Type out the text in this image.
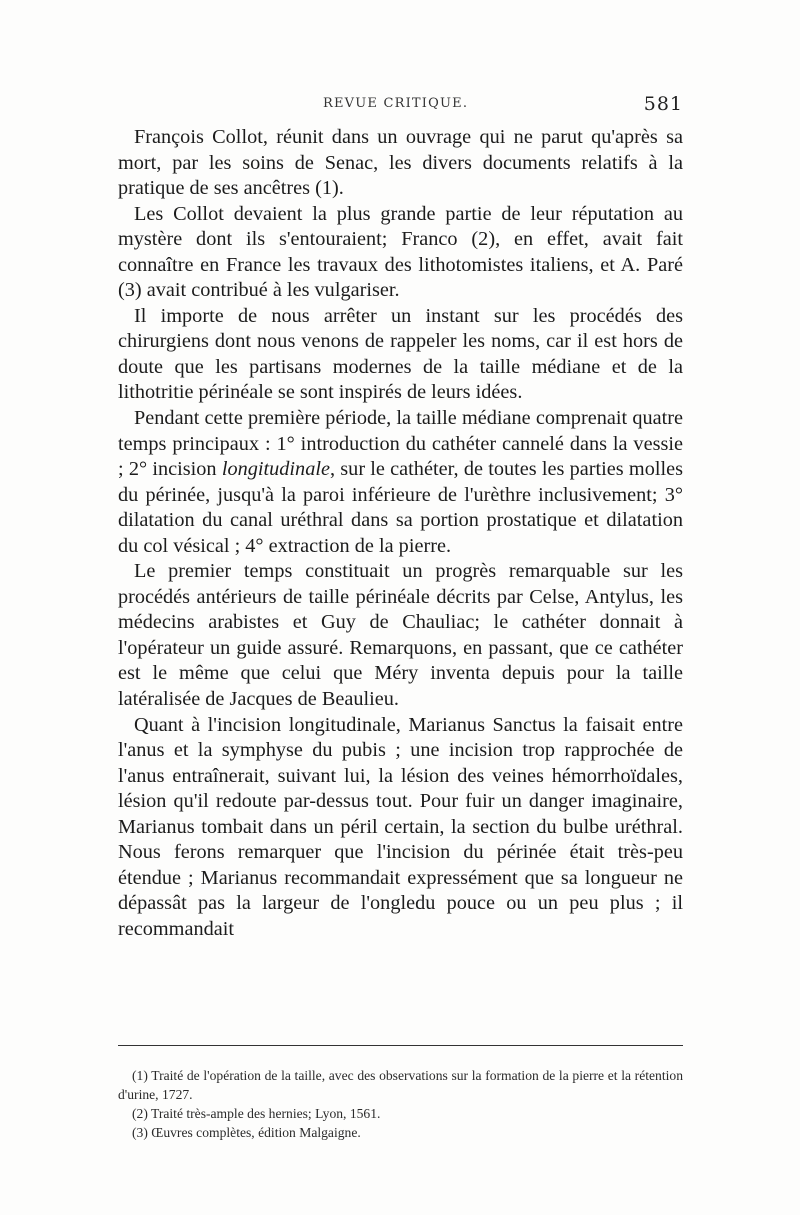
REVUE CRITIQUE.	581

François Collot, réunit dans un ouvrage qui ne parut qu'après sa mort, par les soins de Senac, les divers documents relatifs à la pratique de ses ancêtres (1).

Les Collot devaient la plus grande partie de leur réputation au mystère dont ils s'entouraient; Franco (2), en effet, avait fait connaître en France les travaux des lithotomistes italiens, et A. Paré (3) avait contribué à les vulgariser.

Il importe de nous arrêter un instant sur les procédés des chirurgiens dont nous venons de rappeler les noms, car il est hors de doute que les partisans modernes de la taille médiane et de la lithotritie périnéale se sont inspirés de leurs idées.

Pendant cette première période, la taille médiane comprenait quatre temps principaux : 1° introduction du cathéter cannelé dans la vessie ; 2° incision longitudinale, sur le cathéter, de toutes les parties molles du périnée, jusqu'à la paroi inférieure de l'urèthre inclusivement; 3° dilatation du canal uréthral dans sa portion prostatique et dilatation du col vésical ; 4° extraction de la pierre.

Le premier temps constituait un progrès remarquable sur les procédés antérieurs de taille périnéale décrits par Celse, Antylus, les médecins arabistes et Guy de Chauliac; le cathéter donnait à l'opérateur un guide assuré. Remarquons, en passant, que ce cathéter est le même que celui que Méry inventa depuis pour la taille latéralisée de Jacques de Beaulieu.

Quant à l'incision longitudinale, Marianus Sanctus la faisait entre l'anus et la symphyse du pubis ; une incision trop rapprochée de l'anus entraînerait, suivant lui, la lésion des veines hémorrhoïdales, lésion qu'il redoute par-dessus tout. Pour fuir un danger imaginaire, Marianus tombait dans un péril certain, la section du bulbe uréthral. Nous ferons remarquer que l'incision du périnée était très-peu étendue ; Marianus recommandait expressément que sa longueur ne dépassât pas la largeur de l'ongledu pouce ou un peu plus ; il recommandait

(1) Traité de l'opération de la taille, avec des observations sur la formation de la pierre et la rétention d'urine, 1727.

(2) Traité très-ample des hernies; Lyon, 1561.

(3) Œuvres complètes, édition Malgaigne.
